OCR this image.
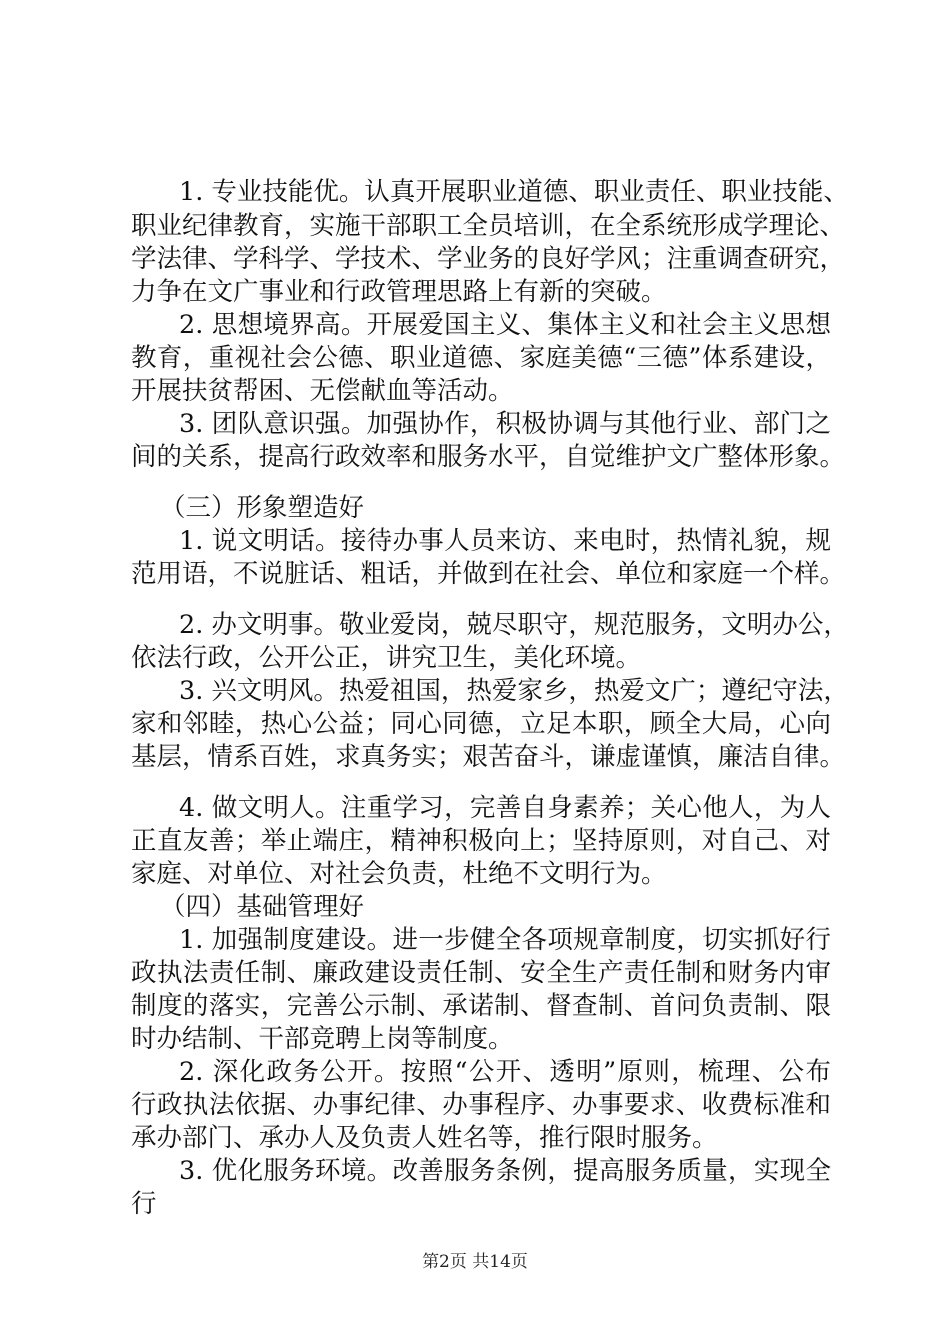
1. 专业技能优。认真开展职业道德、职业责任、职业技能、
职业纪律教育，实施干部职工全员培训，在全系统形成学理论、
学法律、学科学、学技术、学业务的良好学风；注重调查研究，
力争在文广事业和行政管理思路上有新的突破。
2. 思想境界高。开展爱国主义、集体主义和社会主义思想
教育，重视社会公德、职业道德、家庭美德“三德”体系建设，
开展扶贫帮困、无偿献血等活动。
3. 团队意识强。加强协作，积极协调与其他行业、部门之
间的关系，提高行政效率和服务水平，自觉维护文广整体形象。
（三）形象塑造好
1. 说文明话。接待办事人员来访、来电时，热情礼貌，规
范用语，不说脏话、粗话，并做到在社会、单位和家庭一个样。
2. 办文明事。敬业爱岗，兢尽职守，规范服务，文明办公，
依法行政，公开公正，讲究卫生，美化环境。
3. 兴文明风。热爱祖国，热爱家乡，热爱文广；遵纪守法，
家和邻睦，热心公益；同心同德，立足本职，顾全大局，心向
基层，情系百姓，求真务实；艰苦奋斗，谦虚谨慎，廉洁自律。
4. 做文明人。注重学习，完善自身素养；关心他人，为人
正直友善；举止端庄，精神积极向上；坚持原则，对自己、对
家庭、对单位、对社会负责，杜绝不文明行为。
（四）基础管理好
1. 加强制度建设。进一步健全各项规章制度，切实抓好行
政执法责任制、廉政建设责任制、安全生产责任制和财务内审
制度的落实，完善公示制、承诺制、督查制、首问负责制、限
时办结制、干部竞聘上岗等制度。
2. 深化政务公开。按照“公开、透明”原则，梳理、公布
行政执法依据、办事纪律、办事程序、办事要求、收费标准和
承办部门、承办人及负责人姓名等，推行限时服务。
3. 优化服务环境。改善服务条例，提高服务质量，实现全
行
第2页 共14页
